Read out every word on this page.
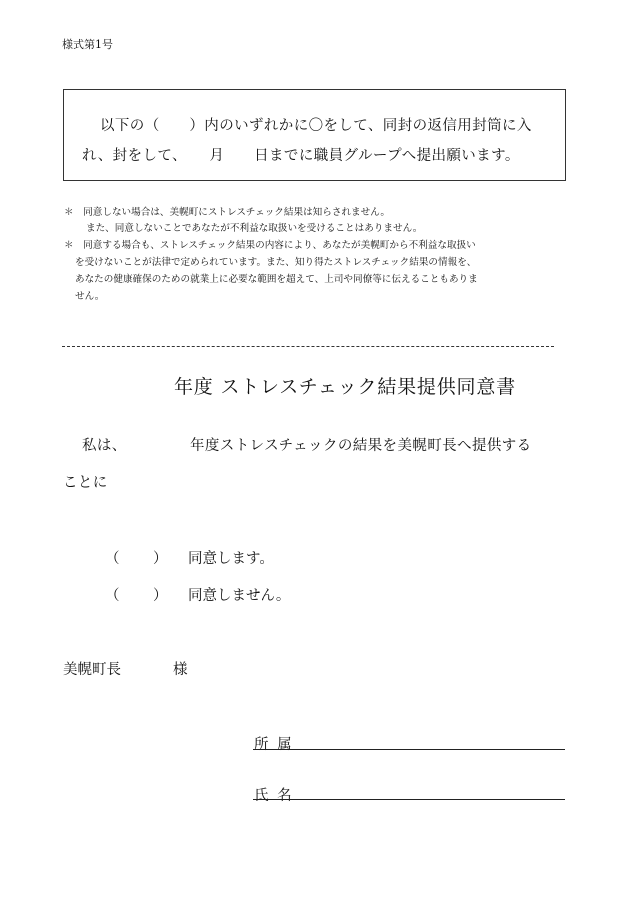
様式第1号
以下の（　　）内のいずれかに〇をして、同封の返信用封筒に入
れ、封をして、　　月　　日までに職員グループへ提出願います。
＊　同意しない場合は、美幌町にストレスチェック結果は知らされません。
また、同意しないことであなたが不利益な取扱いを受けることはありません。
＊　同意する場合も、ストレスチェック結果の内容により、あなたが美幌町から不利益な取扱い
を受けないことが法律で定められています。また、知り得たストレスチェック結果の情報を、
あなたの健康確保のための就業上に必要な範囲を超えて、上司や同僚等に伝えることもありま
せん。
年度 ストレスチェック結果提供同意書
私は、	年度ストレスチェックの結果を美幌町長へ提供する
ことに
（ ） 同意します。
（ ） 同意しません。
美幌町長	様
所 属
氏 名
